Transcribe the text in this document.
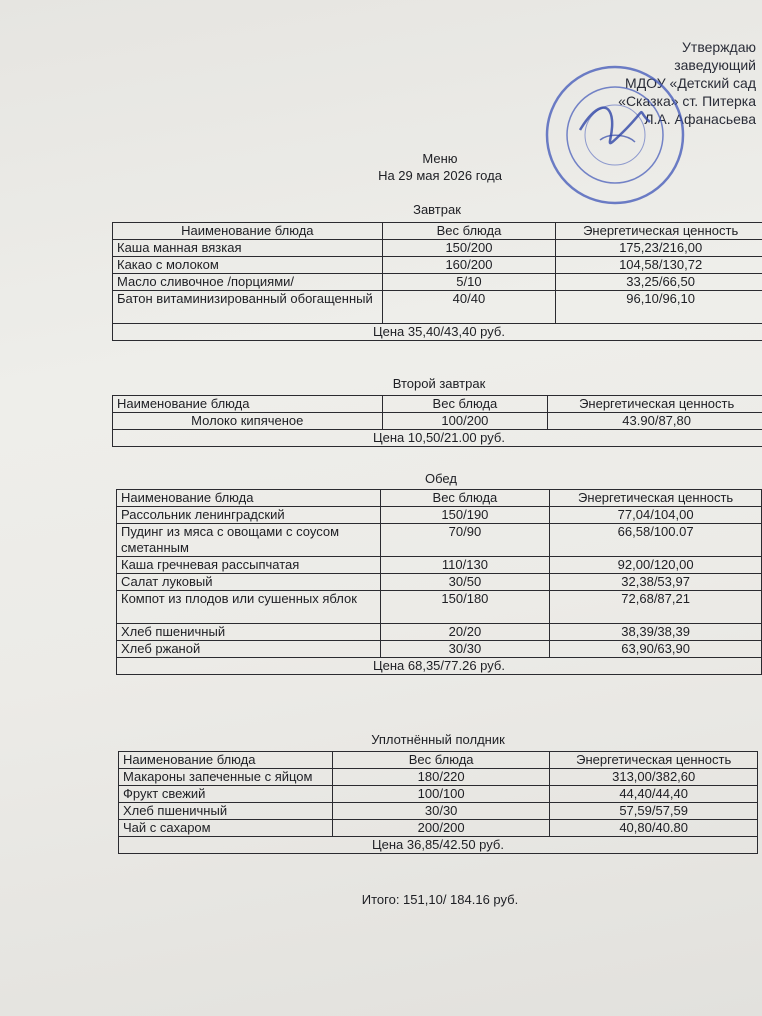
Утверждаю
заведующий
МДОУ «Детский сад
«Сказка» ст. Питерка
Л.А. Афанасьева
Меню
На 29 мая 2026 года
Завтрак
Наименование блюда	Вес блюда	Энергетическая ценность
Каша манная вязкая	150/200	175,23/216,00
Какао с молоком	160/200	104,58/130,72
Масло сливочное /порциями/	5/10	33,25/66,50
Батон витаминизированный обогащенный	40/40	96,10/96,10
Цена 35,40/43,40 руб.		
Второй завтрак
Наименование блюда	Вес блюда	Энергетическая ценность
Молоко кипяченое	100/200	43.90/87,80
Цена 10,50/21.00 руб.		
Обед
Наименование блюда	Вес блюда	Энергетическая ценность
Рассольник ленинградский	150/190	77,04/104,00
Пудинг из мяса с овощами с соусом сметанным	70/90	66,58/100.07
Каша гречневая рассыпчатая	110/130	92,00/120,00
Салат луковый	30/50	32,38/53,97
Компот из плодов или сушенных яблок	150/180	72,68/87,21
Хлеб пшеничный	20/20	38,39/38,39
Хлеб ржаной	30/30	63,90/63,90
Цена 68,35/77.26 руб.		
Уплотнённый полдник
Наименование блюда	Вес блюда	Энергетическая ценность
Макароны запеченные с яйцом	180/220	313,00/382,60
Фрукт свежий	100/100	44,40/44,40
Хлеб пшеничный	30/30	57,59/57,59
Чай с сахаром	200/200	40,80/40.80
Цена 36,85/42.50 руб.		
Итого: 151,10/ 184.16 руб.
